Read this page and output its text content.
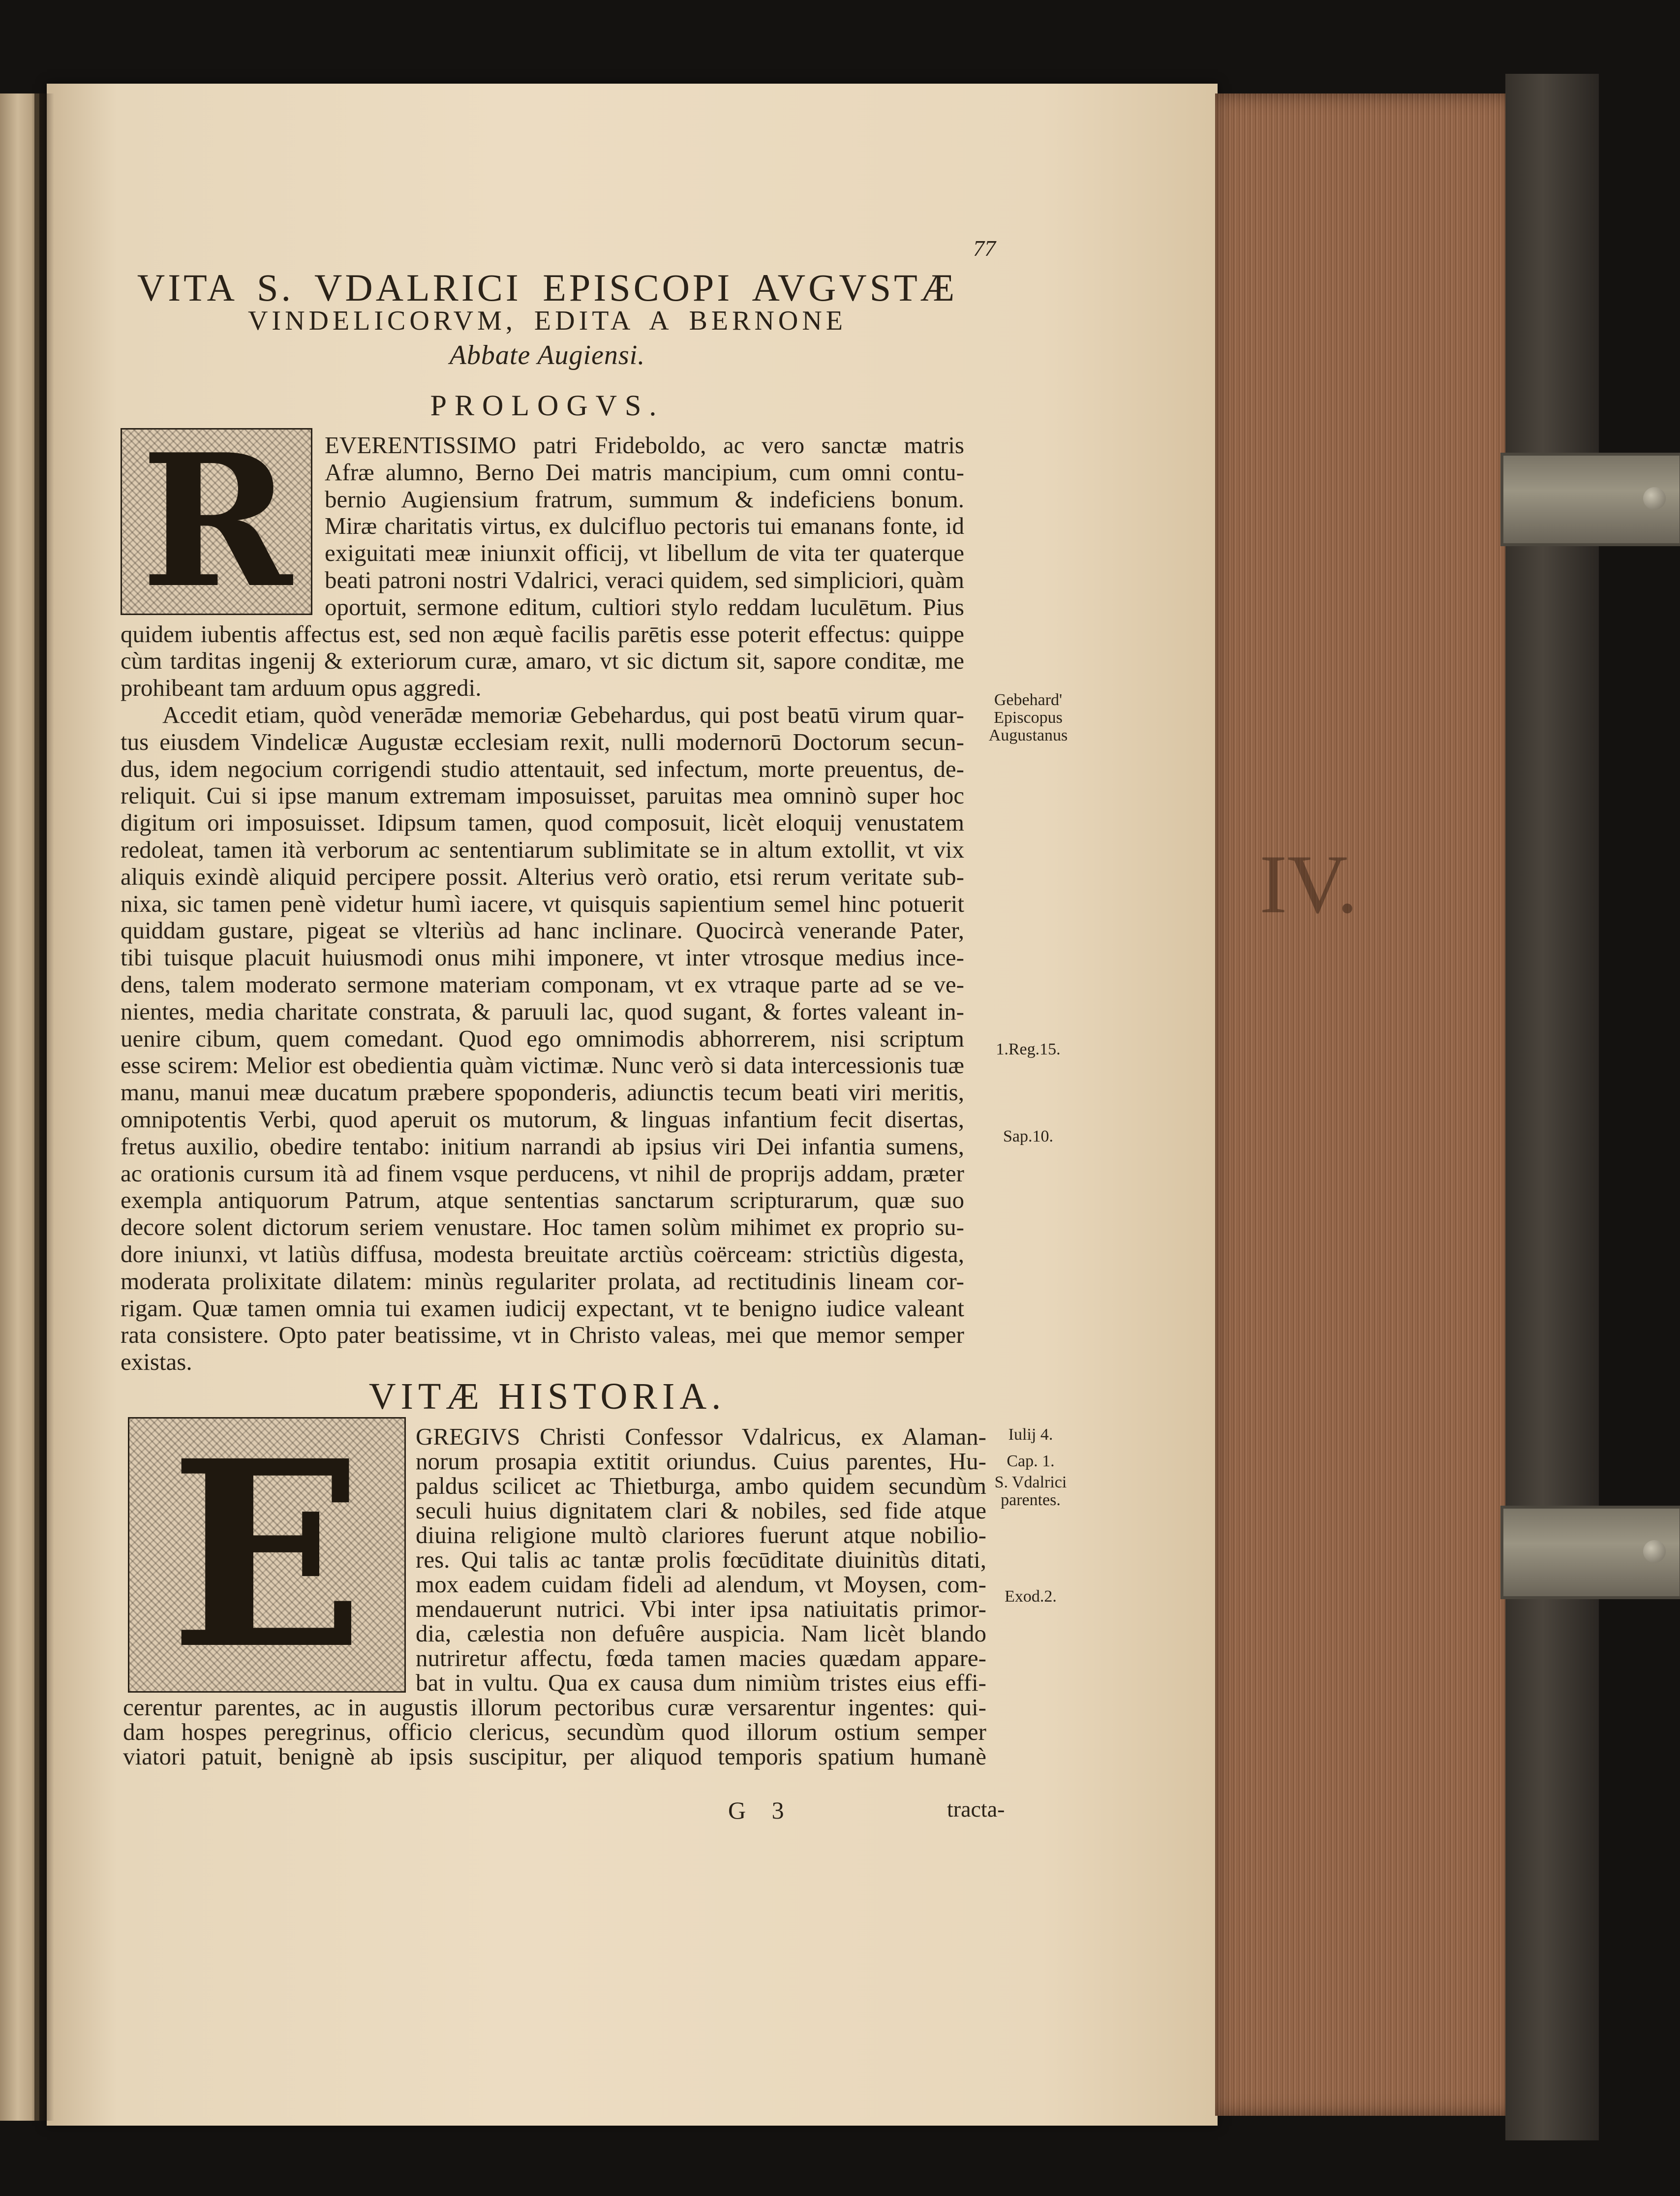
IV.
77
VITA S. VDALRICI EPISCOPI AVGVSTÆ
VINDELICORVM, EDITA A BERNONE
Abbate Augiensi.
PROLOGVS.
R
E
VITÆ HISTORIA.
EVERENTISSIMO patri Frideboldo, ac vero sanctæ matris
Afræ alumno, Berno Dei matris mancipium, cum omni contu-
bernio Augiensium fratrum, summum & indeficiens bonum.
Miræ charitatis virtus, ex dulcifluo pectoris tui emanans fonte, id
exiguitati meæ iniunxit officij, vt libellum de vita ter quaterque
beati patroni nostri Vdalrici, veraci quidem, sed simpliciori, quàm
oportuit, sermone editum, cultiori stylo reddam luculētum. Pius
quidem iubentis affectus est, sed non æquè facilis parētis esse poterit effectus: quippe
cùm tarditas ingenij & exteriorum curæ, amaro, vt sic dictum sit, sapore conditæ, me
prohibeant tam arduum opus aggredi.
Accedit etiam, quòd venerādæ memoriæ Gebehardus, qui post beatū virum quar-
tus eiusdem Vindelicæ Augustæ ecclesiam rexit, nulli modernorū Doctorum secun-
dus, idem negocium corrigendi studio attentauit, sed infectum, morte preuentus, de-
reliquit. Cui si ipse manum extremam imposuisset, paruitas mea omninò super hoc
digitum ori imposuisset. Idipsum tamen, quod composuit, licèt eloquij venustatem
redoleat, tamen ità verborum ac sententiarum sublimitate se in altum extollit, vt vix
aliquis exindè aliquid percipere possit. Alterius verò oratio, etsi rerum veritate sub-
nixa, sic tamen penè videtur humì iacere, vt quisquis sapientium semel hinc potuerit
quiddam gustare, pigeat se vlteriùs ad hanc inclinare. Quocircà venerande Pater,
tibi tuisque placuit huiusmodi onus mihi imponere, vt inter vtrosque medius ince-
dens, talem moderato sermone materiam componam, vt ex vtraque parte ad se ve-
nientes, media charitate constrata, & paruuli lac, quod sugant, & fortes valeant in-
uenire cibum, quem comedant. Quod ego omnimodis abhorrerem, nisi scriptum
esse scirem: Melior est obedientia quàm victimæ. Nunc verò si data intercessionis tuæ
manu, manui meæ ducatum præbere spoponderis, adiunctis tecum beati viri meritis,
omnipotentis Verbi, quod aperuit os mutorum, & linguas infantium fecit disertas,
fretus auxilio, obedire tentabo: initium narrandi ab ipsius viri Dei infantia sumens,
ac orationis cursum ità ad finem vsque perducens, vt nihil de proprijs addam, præter
exempla antiquorum Patrum, atque sententias sanctarum scripturarum, quæ suo
decore solent dictorum seriem venustare. Hoc tamen solùm mihimet ex proprio su-
dore iniunxi, vt latiùs diffusa, modesta breuitate arctiùs coërceam: strictiùs digesta,
moderata prolixitate dilatem: minùs regulariter prolata, ad rectitudinis lineam cor-
rigam. Quæ tamen omnia tui examen iudicij expectant, vt te benigno iudice valeant
rata consistere. Opto pater beatissime, vt in Christo valeas, mei que memor semper
existas.
Gebehard'
Episcopus
Augustanus
1.Reg.15.
Sap.10.
GREGIVS Christi Confessor Vdalricus, ex Alaman-
norum prosapia extitit oriundus. Cuius parentes, Hu-
paldus scilicet ac Thietburga, ambo quidem secundùm
seculi huius dignitatem clari & nobiles, sed fide atque
diuina religione multò clariores fuerunt atque nobilio-
res. Qui talis ac tantæ prolis fœcūditate diuinitùs ditati,
mox eadem cuidam fideli ad alendum, vt Moysen, com-
mendauerunt nutrici. Vbi inter ipsa natiuitatis primor-
dia, cælestia non defuêre auspicia. Nam licèt blando
nutriretur affectu, fœda tamen macies quædam appare-
bat in vultu. Qua ex causa dum nimiùm tristes eius effi-
cerentur parentes, ac in augustis illorum pectoribus curæ versarentur ingentes: qui-
dam hospes peregrinus, officio clericus, secundùm quod illorum ostium semper
viatori patuit, benignè ab ipsis suscipitur, per aliquod temporis spatium humanè
Iulij 4.
Cap. 1.
S. Vdalrici
parentes.
Exod.2.
G 3	tracta-
